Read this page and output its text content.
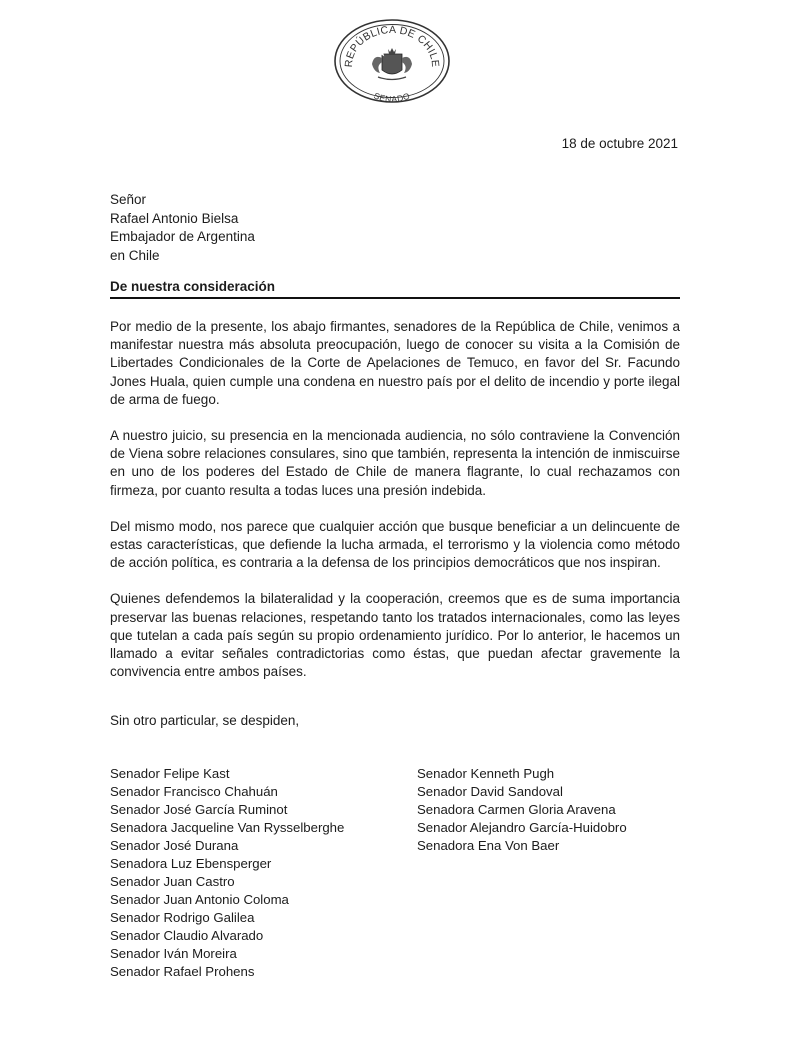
REPÚBLICA DE CHILE
SENADO
18 de octubre 2021
Señor
Rafael Antonio Bielsa
Embajador de Argentina
en Chile
De nuestra consideración

Por medio de la presente, los abajo firmantes, senadores de la República de Chile, venimos a manifestar nuestra más absoluta preocupación, luego de conocer su visita a la Comisión de Libertades Condicionales de la Corte de Apelaciones de Temuco, en favor del Sr. Facundo Jones Huala, quien cumple una condena en nuestro país por el delito de incendio y porte ilegal de arma de fuego.

A nuestro juicio, su presencia en la mencionada audiencia, no sólo contraviene la Convención de Viena sobre relaciones consulares, sino que también, representa la intención de inmiscuirse en uno de los poderes del Estado de Chile de manera flagrante, lo cual rechazamos con firmeza, por cuanto resulta a todas luces una presión indebida.

Del mismo modo, nos parece que cualquier acción que busque beneficiar a un delincuente de estas características, que defiende la lucha armada, el terrorismo y la violencia como método de acción política, es contraria a la defensa de los principios democráticos que nos inspiran.

Quienes defendemos la bilateralidad y la cooperación, creemos que es de suma importancia preservar las buenas relaciones, respetando tanto los tratados internacionales, como las leyes que tutelan a cada país según su propio ordenamiento jurídico. Por lo anterior, le hacemos un llamado a evitar señales contradictorias como éstas, que puedan afectar gravemente la convivencia entre ambos países.

Sin otro particular, se despiden,
Senador Felipe Kast
Senador Francisco Chahuán
Senador José García Ruminot
Senadora Jacqueline Van Rysselberghe
Senador José Durana
Senadora Luz Ebensperger
Senador Juan Castro
Senador Juan Antonio Coloma
Senador Rodrigo Galilea
Senador Claudio Alvarado
Senador Iván Moreira
Senador Rafael Prohens
Senador Kenneth Pugh
Senador David Sandoval
Senadora Carmen Gloria Aravena
Senador Alejandro García-Huidobro
Senadora Ena Von Baer
